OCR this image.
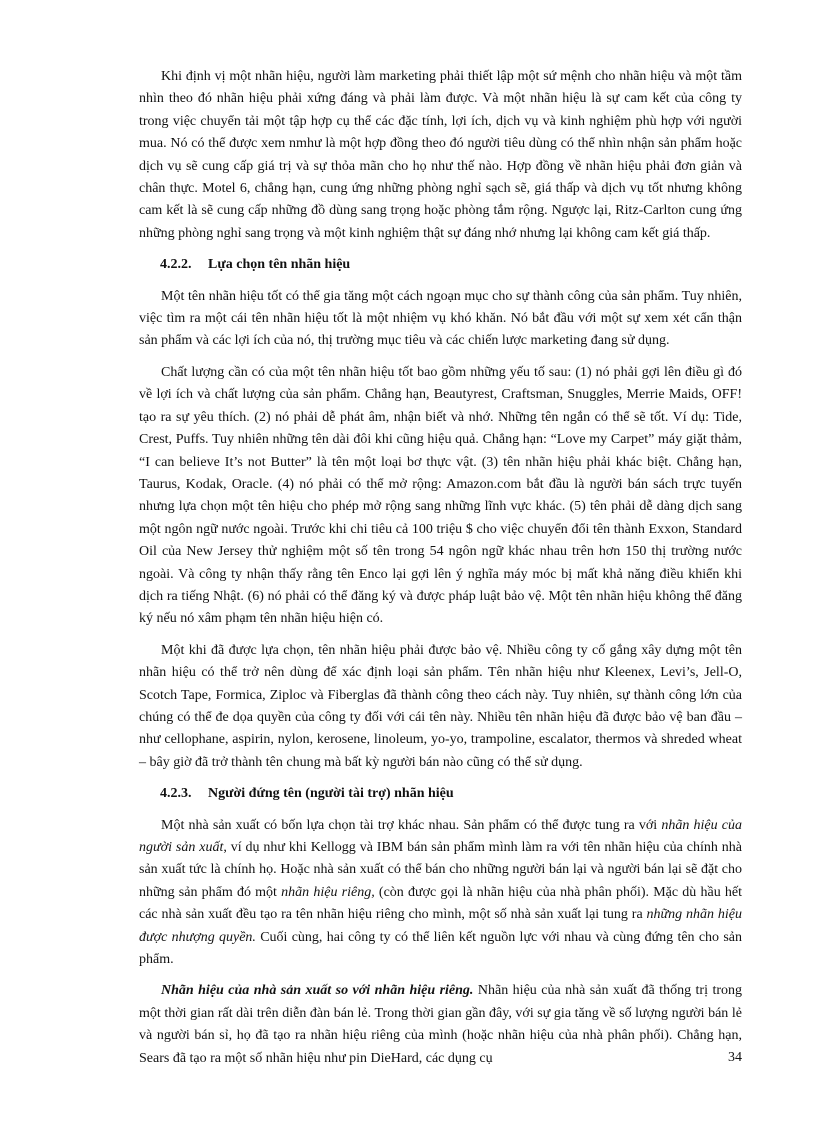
Khi định vị một nhãn hiệu, người làm marketing phải thiết lập một sứ mệnh cho nhãn hiệu và một tầm nhìn theo đó nhãn hiệu phải xứng đáng và phải làm được. Và một nhãn hiệu là sự cam kết của công ty trong việc chuyển tải một tập hợp cụ thể các đặc tính, lợi ích, dịch vụ và kinh nghiệm phù hợp với người mua. Nó có thể được xem nmhư là một hợp đồng theo đó người tiêu dùng có thể nhìn nhận sản phẩm hoặc dịch vụ sẽ cung cấp giá trị và sự thỏa mãn cho họ như thế nào. Hợp đồng về nhãn hiệu phải đơn giản và chân thực. Motel 6, chẳng hạn, cung ứng những phòng nghỉ sạch sẽ, giá thấp và dịch vụ tốt nhưng không cam kết là sẽ cung cấp những đồ dùng sang trọng hoặc phòng tắm rộng. Ngược lại, Ritz-Carlton cung ứng những phòng nghỉ sang trọng và một kinh nghiệm thật sự đáng nhớ nhưng lại không cam kết giá thấp.

4.2.2. Lựa chọn tên nhãn hiệu

Một tên nhãn hiệu tốt có thể gia tăng một cách ngoạn mục cho sự thành công của sản phẩm. Tuy nhiên, việc tìm ra một cái tên nhãn hiệu tốt là một nhiệm vụ khó khăn. Nó bắt đầu với một sự xem xét cẩn thận sản phẩm và các lợi ích của nó, thị trường mục tiêu và các chiến lược marketing đang sử dụng.

Chất lượng cần có của một tên nhãn hiệu tốt bao gồm những yếu tố sau: (1) nó phải gợi lên điều gì đó về lợi ích và chất lượng của sản phẩm. Chẳng hạn, Beautyrest, Craftsman, Snuggles, Merrie Maids, OFF! tạo ra sự yêu thích. (2) nó phải dễ phát âm, nhận biết và nhớ. Những tên ngắn có thể sẽ tốt. Ví dụ: Tide, Crest, Puffs. Tuy nhiên những tên dài đôi khi cũng hiệu quả. Chẳng hạn: “Love my Carpet” máy giặt thảm, “I can believe It’s not Butter” là tên một loại bơ thực vật. (3) tên nhãn hiệu phải khác biệt. Chẳng hạn, Taurus, Kodak, Oracle. (4) nó phải có thể mở rộng: Amazon.com bắt đầu là người bán sách trực tuyến nhưng lựa chọn một tên hiệu cho phép mở rộng sang những lĩnh vực khác. (5) tên phải dễ dàng dịch sang một ngôn ngữ nước ngoài. Trước khi chi tiêu cả 100 triệu $ cho việc chuyển đổi tên thành Exxon, Standard Oil của New Jersey thử nghiệm một số tên trong 54 ngôn ngữ khác nhau trên hơn 150 thị trường nước ngoài. Và công ty nhận thấy rằng tên Enco lại gợi lên ý nghĩa máy móc bị mất khả năng điều khiển khi dịch ra tiếng Nhật. (6) nó phải có thể đăng ký và được pháp luật bảo vệ. Một tên nhãn hiệu không thể đăng ký nếu nó xâm phạm tên nhãn hiệu hiện có.

Một khi đã được lựa chọn, tên nhãn hiệu phải được bảo vệ. Nhiều công ty cố gắng xây dựng một tên nhãn hiệu có thể trở nên dùng để xác định loại sản phẩm. Tên nhãn hiệu như Kleenex, Levi’s, Jell-O, Scotch Tape, Formica, Ziploc và Fiberglas đã thành công theo cách này. Tuy nhiên, sự thành công lớn của chúng có thể đe dọa quyền của công ty đối với cái tên này. Nhiều tên nhãn hiệu đã được bảo vệ ban đầu – như cellophane, aspirin, nylon, kerosene, linoleum, yo-yo, trampoline, escalator, thermos và shreded wheat – bây giờ đã trở thành tên chung mà bất kỳ người bán nào cũng có thể sử dụng.

4.2.3. Người đứng tên (người tài trợ) nhãn hiệu

Một nhà sản xuất có bốn lựa chọn tài trợ khác nhau. Sản phẩm có thể được tung ra với nhãn hiệu của người sản xuất, ví dụ như khi Kellogg và IBM bán sản phẩm mình làm ra với tên nhãn hiệu của chính nhà sản xuất tức là chính họ. Hoặc nhà sản xuất có thể bán cho những người bán lại và người bán lại sẽ đặt cho những sản phẩm đó một nhãn hiệu riêng, (còn được gọi là nhãn hiệu của nhà phân phối). Mặc dù hầu hết các nhà sản xuất đều tạo ra tên nhãn hiệu riêng cho mình, một số nhà sản xuất lại tung ra những nhãn hiệu được nhượng quyền. Cuối cùng, hai công ty có thể liên kết nguồn lực với nhau và cùng đứng tên cho sản phẩm.

Nhãn hiệu của nhà sản xuất so với nhãn hiệu riêng. Nhãn hiệu của nhà sản xuất đã thống trị trong một thời gian rất dài trên diễn đàn bán lẻ. Trong thời gian gần đây, với sự gia tăng về số lượng người bán lẻ và người bán sỉ, họ đã tạo ra nhãn hiệu riêng của mình (hoặc nhãn hiệu của nhà phân phối). Chẳng hạn, Sears đã tạo ra một số nhãn hiệu như pin DieHard, các dụng cụ	34
